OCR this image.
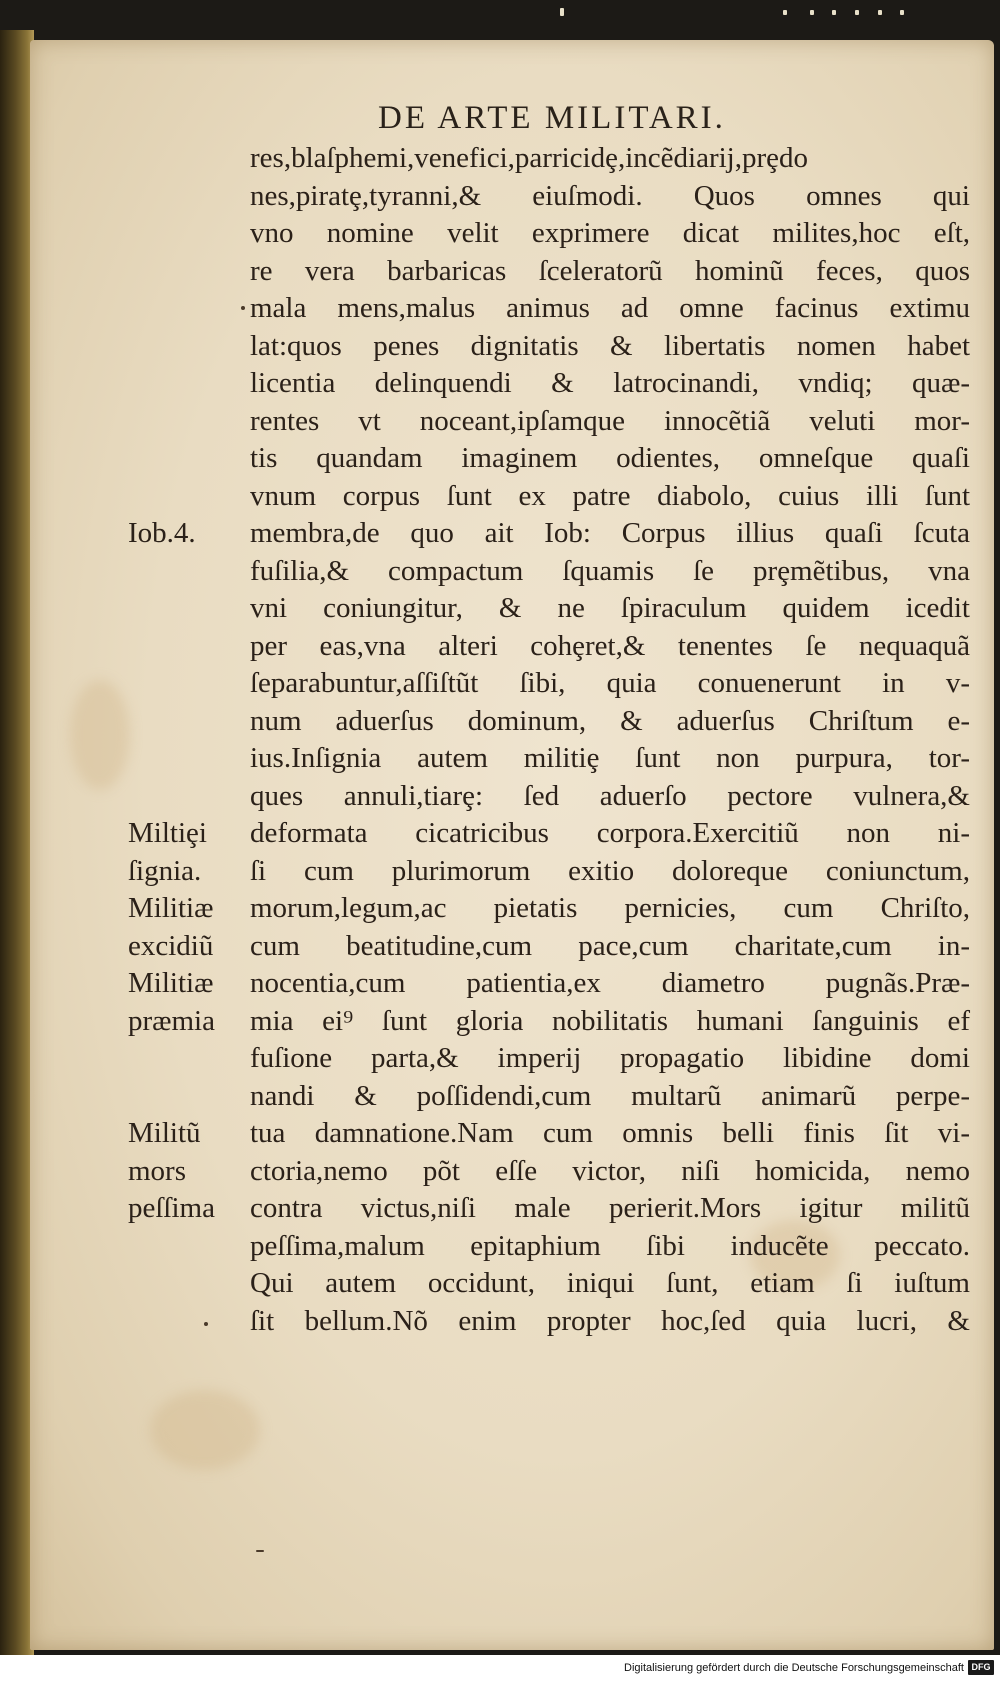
DE ARTE MILITARI.
Iob.4.
Miltiȩi
ſignia.
Militiæ
excidiũ
Militiæ
præmia
Militũ
mors
peſſima
res,blaſphemi,venefici,parricidȩ,incẽdiarij,prȩdo
nes,piratȩ,tyranni,& eiuſmodi. Quos omnes qui
vno nomine velit exprimere dicat milites,hoc eſt,
re vera barbaricas ſceleratorũ hominũ feces, quos
mala mens,malus animus ad omne facinus extimu
lat:quos penes dignitatis & libertatis nomen habet
licentia delinquendi & latrocinandi, vndiq; quæ-
rentes vt noceant,ipſamque innocẽtiã veluti mor-
tis quandam imaginem odientes, omneſque quaſi
vnum corpus ſunt ex patre diabolo, cuius illi ſunt
membra,de quo ait Iob: Corpus illius quaſi ſcuta
fuſilia,& compactum ſquamis ſe prȩmẽtibus, vna
vni coniungitur, & ne ſpiraculum quidem icedit
per eas,vna alteri cohȩret,& tenentes ſe nequaquã
ſeparabuntur,aſſiſtũt ſibi, quia conuenerunt in v-
num aduerſus dominum, & aduerſus Chriſtum e-
ius.Inſignia autem militiȩ ſunt non purpura, tor-
ques annuli,tiarȩ: ſed aduerſo pectore vulnera,&
deformata cicatricibus corpora.Exercitiũ non ni-
ſi cum plurimorum exitio doloreque coniunctum,
morum,legum,ac pietatis pernicies, cum Chriſto,
cum beatitudine,cum pace,cum charitate,cum in-
nocentia,cum patientia,ex diametro pugnãs.Præ-
mia ei⁹ ſunt gloria nobilitatis humani ſanguinis ef
fuſione parta,& imperij propagatio libidine domi
nandi & poſſidendi,cum multarũ animarũ perpe-
tua damnatione.Nam cum omnis belli finis ſit vi-
ctoria,nemo põt eſſe victor, niſi homicida, nemo
contra victus,niſi male perierit.Mors igitur militũ
peſſima,malum epitaphium ſibi inducẽte peccato.
Qui autem occidunt, iniqui ſunt, etiam ſi iuſtum
ſit bellum.Nõ enim propter hoc,ſed quia lucri, &
Digitalisierung gefördert durch die Deutsche Forschungsgemeinschaft DFG
